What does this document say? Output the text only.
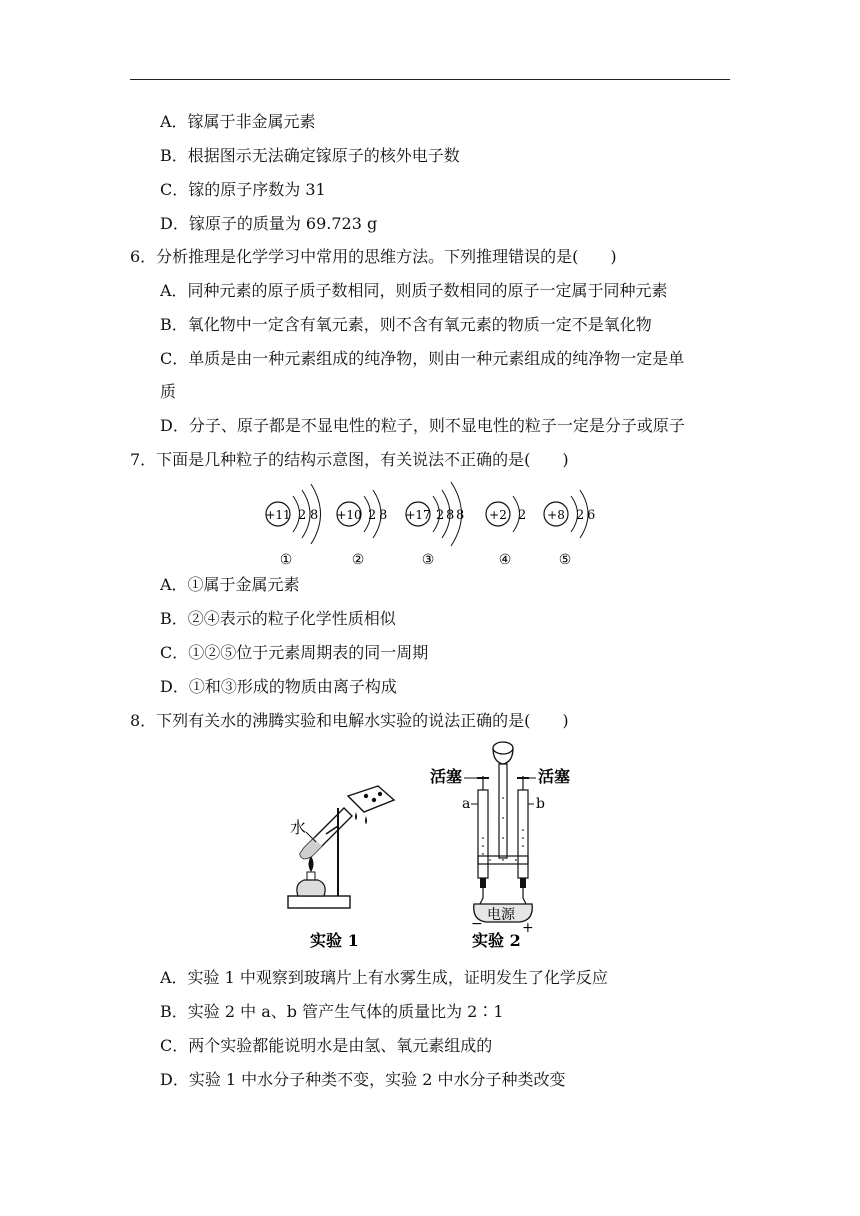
A．镓属于非金属元素
B．根据图示无法确定镓原子的核外电子数
C．镓的原子序数为 31
D．镓原子的质量为 69.723 g
6．分析推理是化学学习中常用的思维方法。下列推理错误的是(　　)
A．同种元素的原子质子数相同，则质子数相同的原子一定属于同种元素
B．氧化物中一定含有氧元素，则不含有氧元素的物质一定不是氧化物
C．单质是由一种元素组成的纯净物，则由一种元素组成的纯净物一定是单
质
D．分子、原子都是不显电性的粒子，则不显电性的粒子一定是分子或原子
7．下面是几种粒子的结构示意图，有关说法不正确的是(　　)
+11 2 8
①
+10 2 8
②
+17 2 8 8
③
+2 2
④
+8 2 6
⑤
A．①属于金属元素
B．②④表示的粒子化学性质相似
C．①②⑤位于元素周期表的同一周期
D．①和③形成的物质由离子构成
8．下列有关水的沸腾实验和电解水实验的说法正确的是(　　)
水
实验 1
活塞	活塞
a	b
电源
−	+
实验 2
A．实验 1 中观察到玻璃片上有水雾生成，证明发生了化学反应
B．实验 2 中 a、b 管产生气体的质量比为 2∶1
C．两个实验都能说明水是由氢、氧元素组成的
D．实验 1 中水分子种类不变，实验 2 中水分子种类改变
